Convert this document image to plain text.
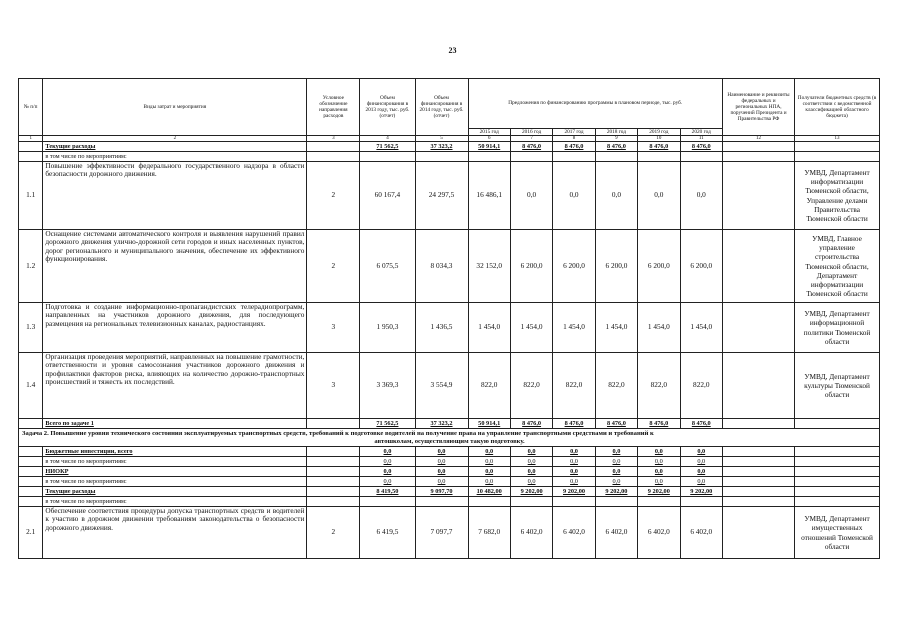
23
№ п/п	Виды затрат и мероприятия	Условное обозначение направления расходов	Объем финансирования в 2013 году, тыс. руб. (отчет)	Объем финансирования в 2014 году, тыс. руб. (отчет)	Предложения по финансированию программы в плановом периоде, тыс. руб.						Наименование и реквизиты федеральных и региональных НПА, поручений Президента и Правительства РФ	Получатели бюджетных средств (в соответствии с ведомственной классификацией областного бюджета)
					2015 год	2016 год	2017 год	2018 год	2019 год	2020 год		
1	2	3	4	5	6	7	8	9	10	11	12	13
	Текущие расходы		71 562,5	37 323,2	50 914,1	8 476,0	8 476,0	8 476,0	8 476,0	8 476,0		
	в том числе по мероприятиям:											
1.1	Повышение эффективности федерального государственного надзора в области безопасности дорожного движения.	2	60 167,4	24 297,5	16 486,1	0,0	0,0	0,0	0,0	0,0		УМВД, Департамент информатизации Тюменской области, Управление делами Правительства Тюменской области
1.2	Оснащение системами автоматического контроля и выявления нарушений правил дорожного движения улично-дорожной сети городов и иных населенных пунктов, дорог регионального и муниципального значения, обеспечение их эффективного функционирования.	2	6 075,5	8 034,3	32 152,0	6 200,0	6 200,0	6 200,0	6 200,0	6 200,0		УМВД, Главное управление строительства Тюменской области, Департамент информатизации Тюменской области
1.3	Подготовка и создание информационно-пропагандистских телерадиопрограмм, направленных на участников дорожного движения, для последующего размещения на региональных телевизионных каналах, радиостанциях.	3	1 950,3	1 436,5	1 454,0	1 454,0	1 454,0	1 454,0	1 454,0	1 454,0		УМВД, Департамент информационной политики Тюменской области
1.4	Организация проведения мероприятий, направленных на повышение грамотности, ответственности и уровня самосознания участников дорожного движения и профилактики факторов риска, влияющих на количество дорожно-транспортных происшествий и тяжесть их последствий.	3	3 369,3	3 554,9	822,0	822,0	822,0	822,0	822,0	822,0		УМВД, Департамент культуры Тюменской области
	Всего по задаче 1		71 562,5	37 323,2	50 914,1	8 476,0	8 476,0	8 476,0	8 476,0	8 476,0		
Задача 2. Повышение уровня технического состояния эксплуатируемых транспортных средств, требований к подготовке водителей на получение права на управление транспортными средствами и требований к
автошколам, осуществляющим такую подготовку.												

	Бюджетные инвестиции, всего		0,0	0,0	0,0	0,0	0,0	0,0	0,0	0,0		
	в том числе по мероприятиям:		0,0	0,0	0,0	0,0	0,0	0,0	0,0	0,0		
	НИОКР		0,0	0,0	0,0	0,0	0,0	0,0	0,0	0,0		
	в том числе по мероприятиям:		0,0	0,0	0,0	0,0	0,0	0,0	0,0	0,0		
	Текущие расходы		8 419,50	9 097,70	10 482,00	9 202,00	9 202,00	9 202,00	9 202,00	9 202,00		
	в том числе по мероприятиям:											
2.1	Обеспечение соответствия процедуры допуска транспортных средств и водителей к участию в дорожном движении требованиям законодательства о безопасности дорожного движения.	2	6 419,5	7 097,7	7 682,0	6 402,0	6 402,0	6 402,0	6 402,0	6 402,0		УМВД, Департамент имущественных отношений Тюменской области
